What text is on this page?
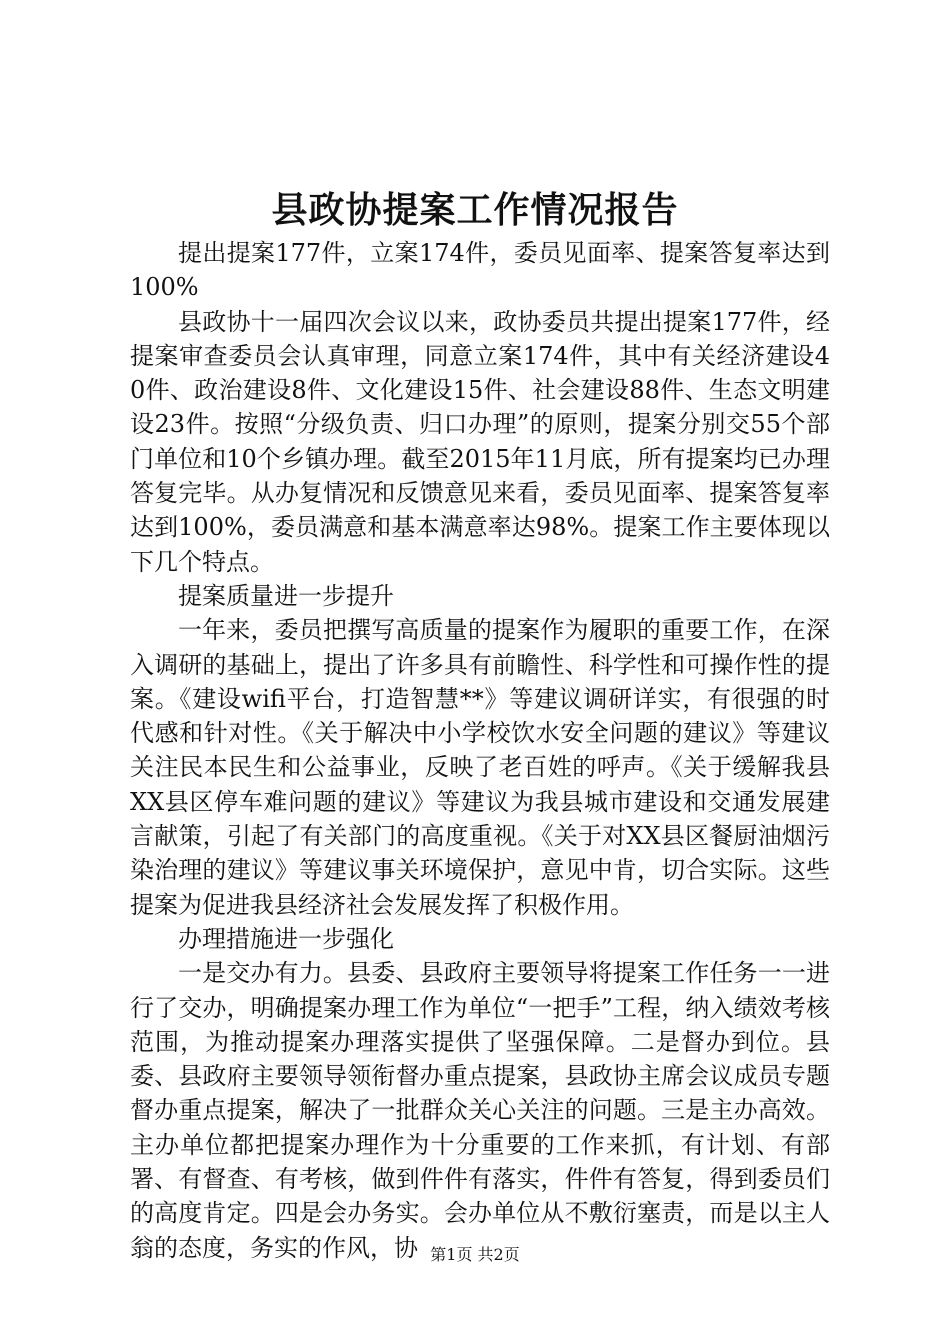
县政协提案工作情况报告

提出提案177件，立案174件，委员见面率、提案答复率达到100%

县政协十一届四次会议以来，政协委员共提出提案177件，经提案审查委员会认真审理，同意立案174件，其中有关经济建设40件、政治建设8件、文化建设15件、社会建设88件、生态文明建设23件。按照“分级负责、归口办理”的原则，提案分别交55个部门单位和10个乡镇办理。截至2015年11月底，所有提案均已办理答复完毕。从办复情况和反馈意见来看，委员见面率、提案答复率达到100%，委员满意和基本满意率达98%。提案工作主要体现以下几个特点。

提案质量进一步提升

一年来，委员把撰写高质量的提案作为履职的重要工作，在深入调研的基础上，提出了许多具有前瞻性、科学性和可操作性的提案。《建设wifi平台，打造智慧**》等建议调研详实，有很强的时代感和针对性。《关于解决中小学校饮水安全问题的建议》等建议关注民本民生和公益事业，反映了老百姓的呼声。《关于缓解我县XX县区停车难问题的建议》等建议为我县城市建设和交通发展建言献策，引起了有关部门的高度重视。《关于对XX县区餐厨油烟污染治理的建议》等建议事关环境保护，意见中肯，切合实际。这些提案为促进我县经济社会发展发挥了积极作用。

办理措施进一步强化

一是交办有力。县委、县政府主要领导将提案工作任务一一进行了交办，明确提案办理工作为单位“一把手”工程，纳入绩效考核范围，为推动提案办理落实提供了坚强保障。二是督办到位。县委、县政府主要领导领衔督办重点提案，县政协主席会议成员专题督办重点提案，解决了一批群众关心关注的问题。三是主办高效。主办单位都把提案办理作为十分重要的工作来抓，有计划、有部署、有督查、有考核，做到件件有落实，件件有答复，得到委员们的高度肯定。四是会办务实。会办单位从不敷衍塞责，而是以主人翁的态度，务实的作风，协 第1页 共2页
